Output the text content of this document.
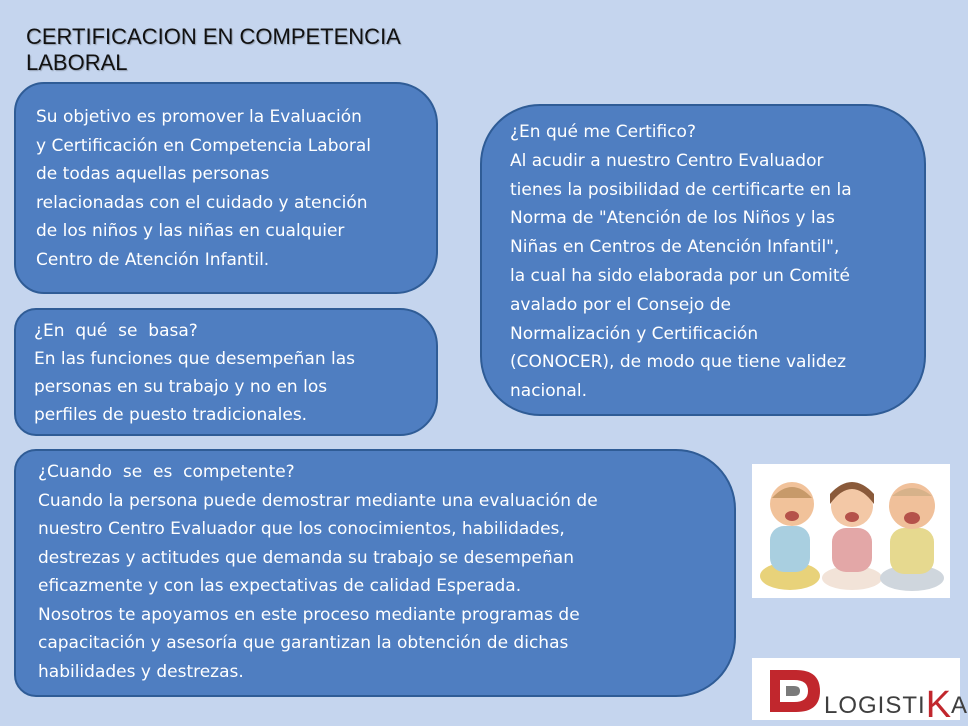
CERTIFICACION EN COMPETENCIA
LABORAL

Su objetivo es promover la Evaluación

y Certificación en Competencia Laboral

de todas aquellas personas

relacionadas con el cuidado y atención

de los niños y las niñas en cualquier

Centro de Atención Infantil.

¿En  qué  se  basa?

En las funciones que desempeñan las

personas en su trabajo y no en los

perfiles de puesto tradicionales.

¿En qué me Certifico?

Al acudir a nuestro Centro Evaluador

tienes la posibilidad de certificarte en la

Norma de "Atención de los Niños y las

Niñas en Centros de Atención Infantil",

la cual ha sido elaborada por un Comité

avalado por el Consejo de

Normalización y Certificación

(CONOCER), de modo que tiene validez

nacional.

¿Cuando  se  es  competente?

Cuando la persona puede demostrar mediante una evaluación de

nuestro Centro Evaluador que los conocimientos, habilidades,

destrezas y actitudes que demanda su trabajo se desempeñan

eficazmente y con las expectativas de calidad Esperada.

Nosotros te apoyamos en este proceso mediante programas de

capacitación y asesoría que garantizan la obtención de dichas

habilidades y destrezas.

LOGISTIKA
